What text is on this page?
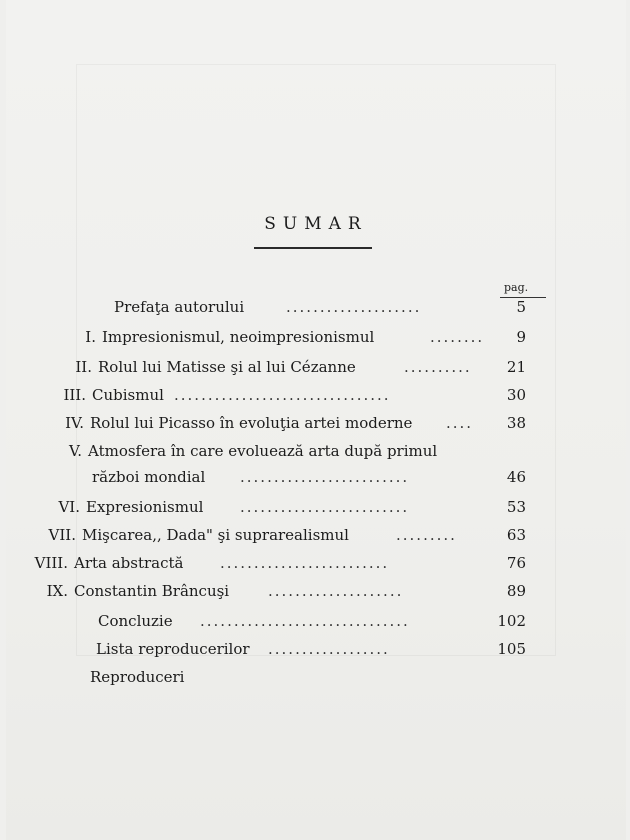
SUMAR
pag.
Prefaţa autorului	....................	5
I. Impresionismul, neoimpresionismul	........	9
II. Rolul lui Matisse şi al lui Cézanne	..........	21
III. Cubismul ................................	30
IV. Rolul lui Picasso în evoluţia artei moderne ....	38
V. Atmosfera în care evoluează arta după primul
război mondial .........................	46
VI. Expresionismul .........................	53
VII. Mişcarea,, Dada" şi suprarealismul	.........	63
VIII. Arta abstractă .........................	76
IX. Constantin Brâncuşi	....................	89
Concluzie ...............................	102
Lista reproducerilor ..................	105
Reproduceri
